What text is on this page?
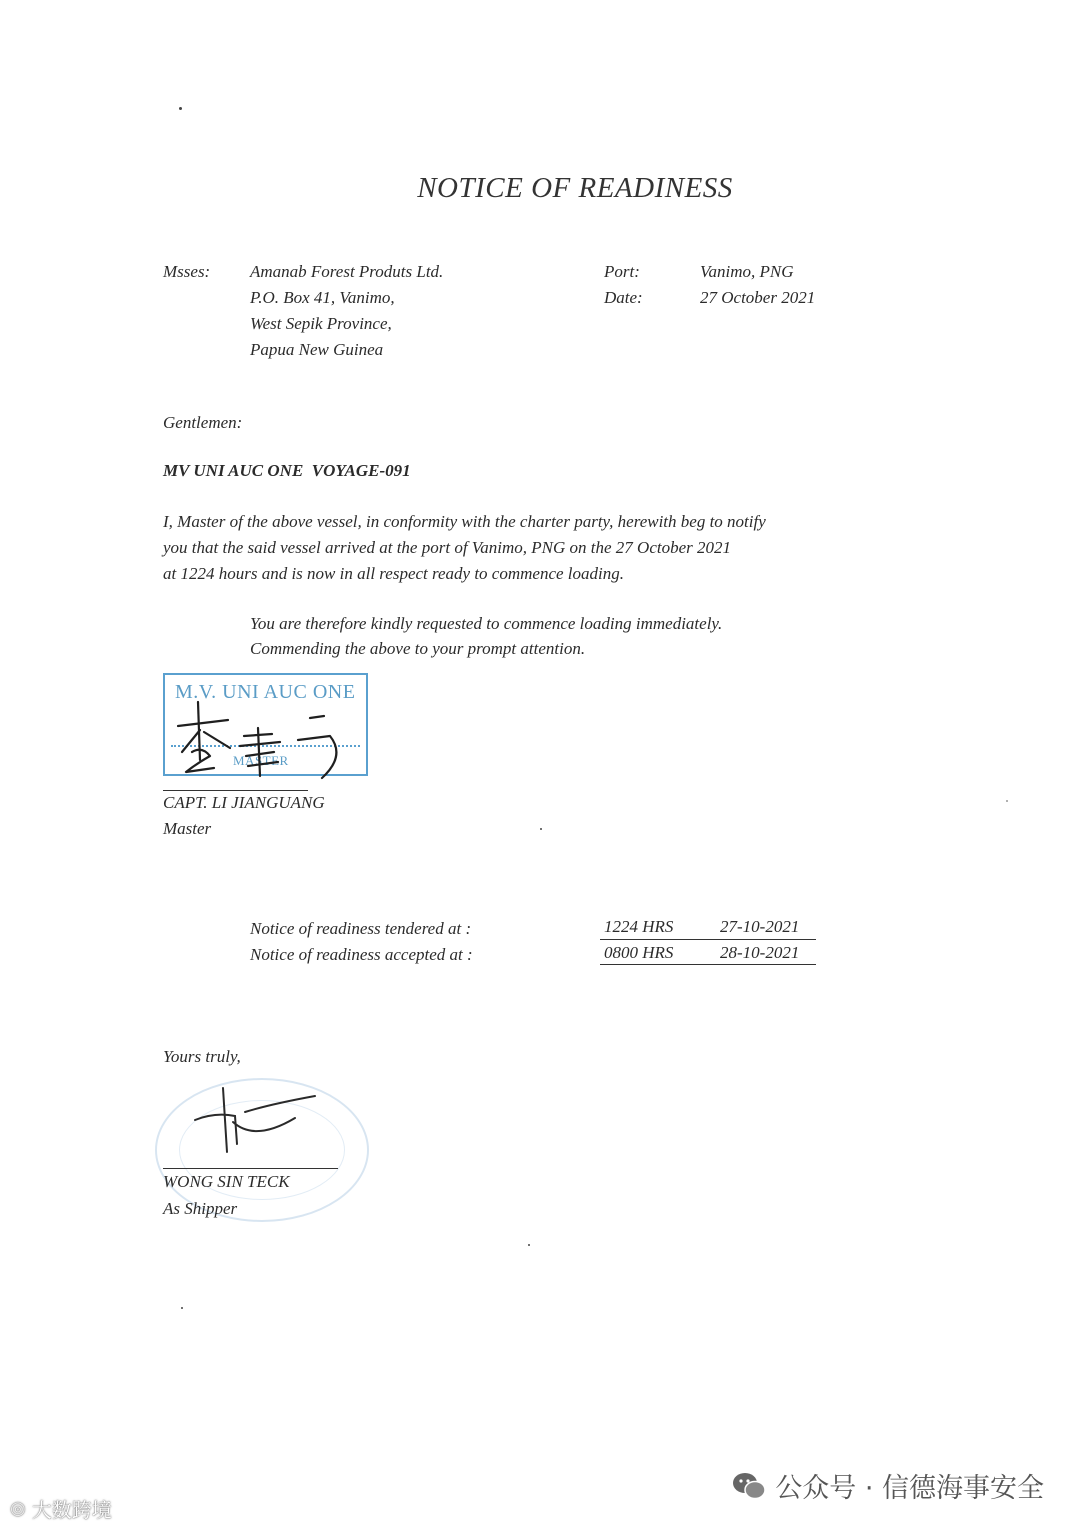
NOTICE OF READINESS
Msses: Amanab Forest Produts Ltd.
P.O. Box 41, Vanimo,
West Sepik Province,
Papua New Guinea
Port:	Vanimo, PNG
Date:	27 October 2021
Gentlemen:
MV UNI AUC ONE  VOYAGE-091
I, Master of the above vessel, in conformity with the charter party, herewith beg to notify
you that the said vessel arrived at the port of Vanimo, PNG on the 27 October 2021
at 1224 hours and is now in all respect ready to commence loading.
You are therefore kindly requested to commence loading immediately.
Commending the above to your prompt attention.
M.V. UNI AUC ONE
MASTER
CAPT. LI JIANGUANG
Master
Notice of readiness tendered at :	1224 HRS	27-10-2021
Notice of readiness accepted at :	0800 HRS	28-10-2021
Yours truly,
WONG SIN TECK
As Shipper
公众号 · 信德海事安全
◎ 大数跨境
